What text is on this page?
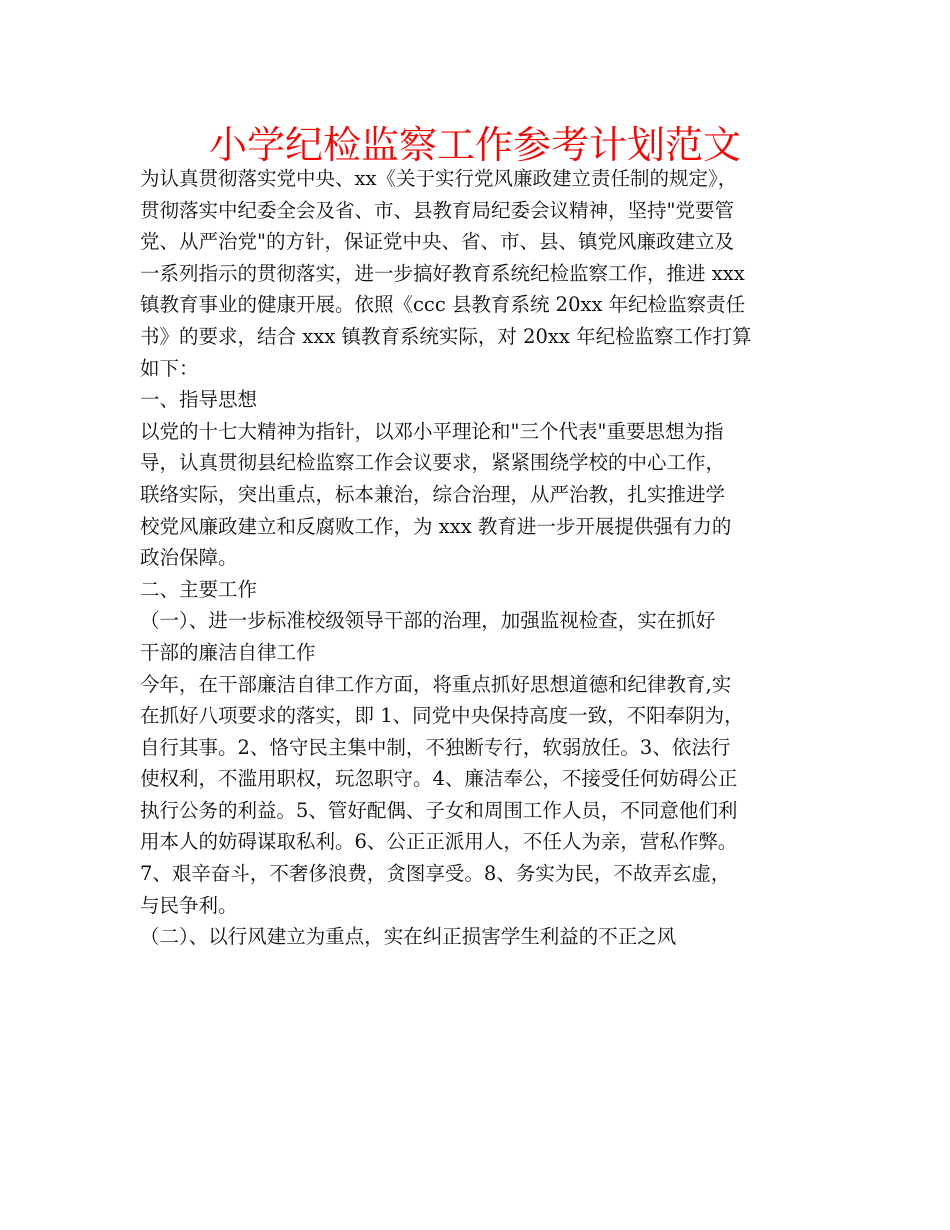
小学纪检监察工作参考计划范文
为认真贯彻落实党中央、xx《关于实行党风廉政建立责任制的规定》，
贯彻落实中纪委全会及省、市、县教育局纪委会议精神，坚持"党要管
党、从严治党"的方针，保证党中央、省、市、县、镇党风廉政建立及
一系列指示的贯彻落实，进一步搞好教育系统纪检监察工作，推进 xxx
镇教育事业的健康开展。依照《ccc 县教育系统 20xx 年纪检监察责任
书》的要求，结合 xxx 镇教育系统实际，对 20xx 年纪检监察工作打算
如下：
一、指导思想
以党的十七大精神为指针，以邓小平理论和"三个代表"重要思想为指
导，认真贯彻县纪检监察工作会议要求，紧紧围绕学校的中心工作，
联络实际，突出重点，标本兼治，综合治理，从严治教，扎实推进学
校党风廉政建立和反腐败工作，为 xxx 教育进一步开展提供强有力的
政治保障。
二、主要工作
（一）、进一步标准校级领导干部的治理，加强监视检查，实在抓好
干部的廉洁自律工作
今年，在干部廉洁自律工作方面，将重点抓好思想道德和纪律教育,实
在抓好八项要求的落实，即 1、同党中央保持高度一致，不阳奉阴为，
自行其事。2、恪守民主集中制，不独断专行，软弱放任。3、依法行
使权利，不滥用职权，玩忽职守。4、廉洁奉公，不接受任何妨碍公正
执行公务的利益。5、管好配偶、子女和周围工作人员，不同意他们利
用本人的妨碍谋取私利。6、公正正派用人，不任人为亲，营私作弊。
7、艰辛奋斗，不奢侈浪费，贪图享受。8、务实为民，不故弄玄虚，
与民争利。
（二）、以行风建立为重点，实在纠正损害学生利益的不正之风
